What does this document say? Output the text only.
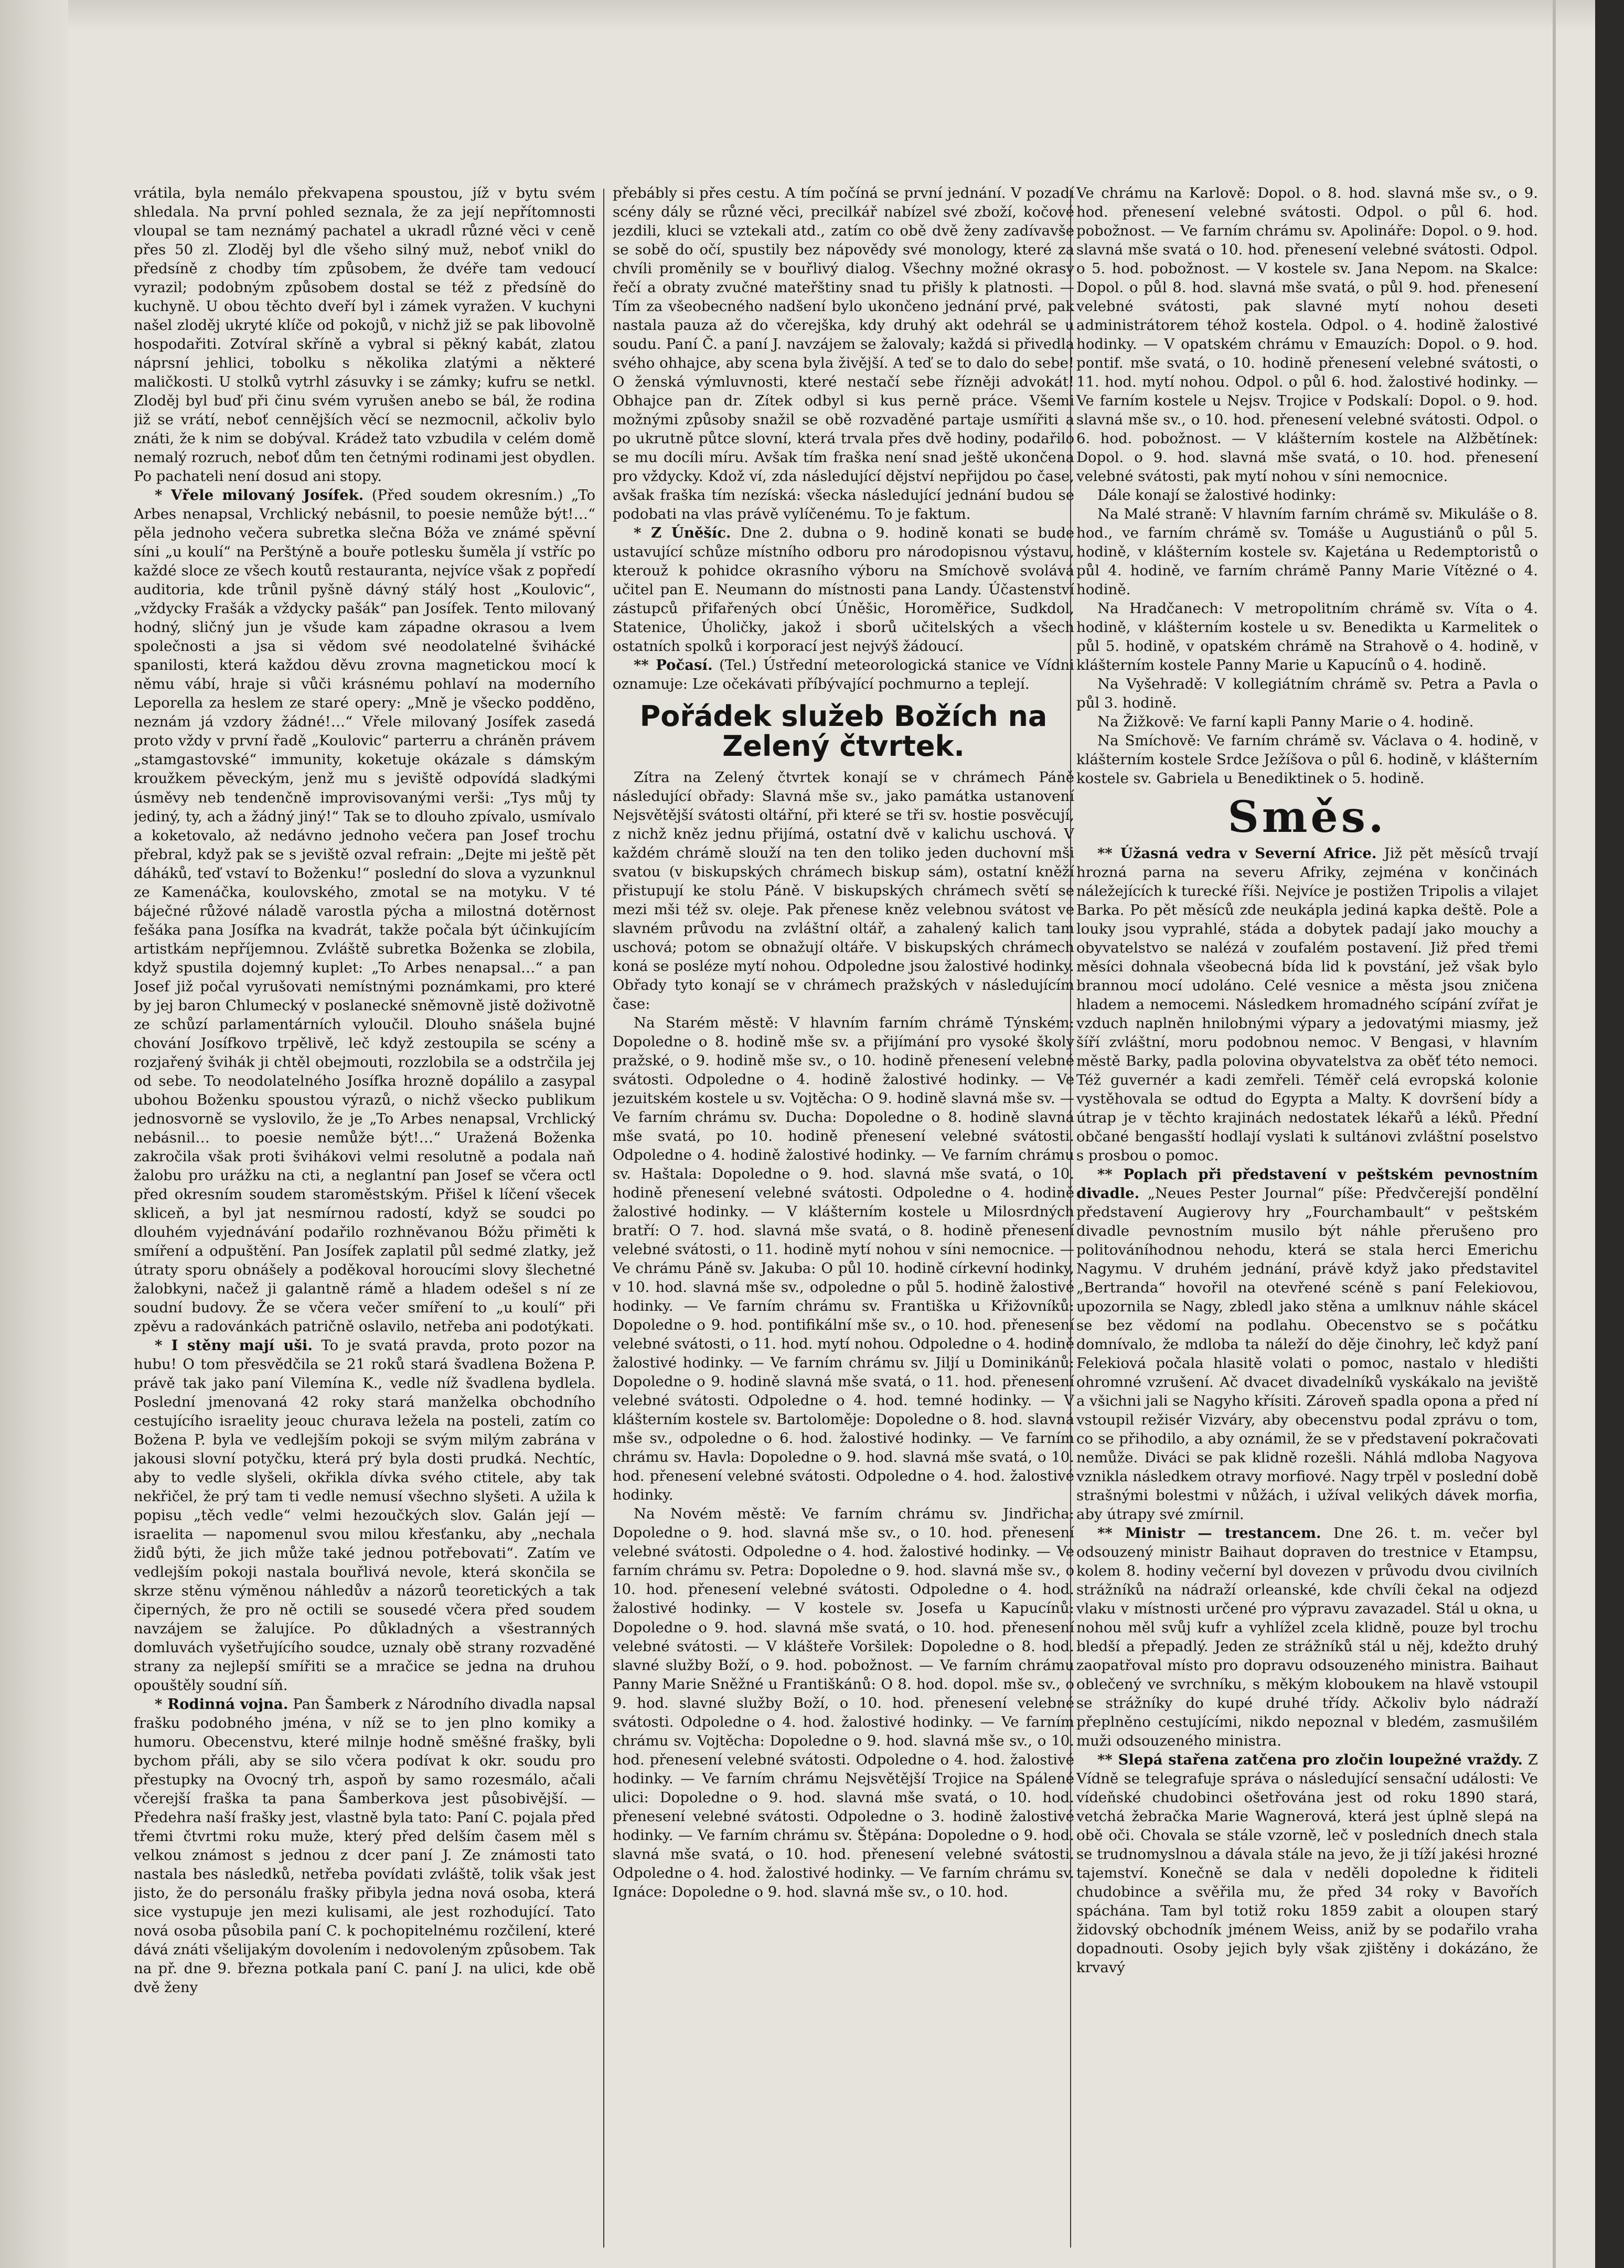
vrátila, byla nemálo překvapena spoustou, jíž v bytu svém shledala. Na první pohled seznala, že za její nepřítomnosti vloupal se tam neznámý pachatel a ukradl různé věci v ceně přes 50 zl. Zloděj byl dle všeho silný muž, neboť vnikl do předsíně z chodby tím způsobem, že dvéře tam vedoucí vyrazil; podobným způsobem dostal se též z předsíně do kuchyně. U obou těchto dveří byl i zámek vyražen. V kuchyni našel zloděj ukryté klíče od pokojů, v nichž již se pak libovolně hospodařiti. Zotvíral skříně a vybral si pěkný kabát, zlatou náprsní jehlici, tobolku s několika zlatými a některé maličkosti. U stolků vytrhl zásuvky i se zámky; kufru se netkl. Zloděj byl buď při činu svém vyrušen anebo se bál, že rodina již se vrátí, neboť cennějších věcí se nezmocnil, ačkoliv bylo znáti, že k nim se dobýval. Krádež tato vzbudila v celém domě nemalý rozruch, neboť dům ten četnými rodinami jest obydlen. Po pachateli není dosud ani stopy.

* Vřele milovaný Josífek. (Před soudem okresním.) „To Arbes nenapsal, Vrchlický nebásnil, to poesie nemůže být!…“ pěla jednoho večera subretka slečna Bóža ve známé spěvní síni „u koulí“ na Perštýně a bouře potlesku šuměla jí vstříc po každé sloce ze všech koutů restauranta, nejvíce však z popředí auditoria, kde trůnil pyšně dávný stálý host „Koulovic“, „vždycky Frašák a vždycky pašák“ pan Josífek. Tento milovaný hodný, sličný jun je všude kam západne okrasou a lvem společnosti a jsa si vědom své neodolatelné švihácké spanilosti, která každou děvu zrovna magnetickou mocí k němu vábí, hraje si vůči krásnému pohlaví na moderního Leporella za heslem ze staré opery: „Mně je všecko podděno, neznám já vzdory žádné!…“ Vřele milovaný Josífek zasedá proto vždy v první řadě „Koulovic“ parterru a chráněn právem „stamgastovské“ immunity, koketuje okázale s dámským kroužkem pěveckým, jenž mu s jeviště odpovídá sladkými úsměvy neb tendenčně improvisovanými verši: „Tys můj ty jediný, ty, ach a žádný jiný!“ Tak se to dlouho zpívalo, usmívalo a koketovalo, až nedávno jednoho večera pan Josef trochu přebral, když pak se s jeviště ozval refrain: „Dejte mi ještě pět dáháků, teď vstaví to Boženku!“ poslední do slova a vyzunknul ze Kamenáčka, koulovského, zmotal se na motyku. V té báječné růžové náladě varostla pýcha a milostná dotěrnost fešáka pana Josífka na kvadrát, takže počala být účinkujícím artistkám nepříjemnou. Zvláště subretka Boženka se zlobila, když spustila dojemný kuplet: „To Arbes nenapsal…“ a pan Josef již počal vyrušovati nemístnými poznámkami, pro které by jej baron Chlumecký v poslanecké sněmovně jistě doživotně ze schůzí parlamentárních vyloučil. Dlouho snášela bujné chování Josífkovo trpělivě, leč když zestoupila se scény a rozjařený švihák ji chtěl obejmouti, rozzlobila se a odstrčila jej od sebe. To neodolatelného Josífka hrozně dopálilo a zasypal ubohou Boženku spoustou výrazů, o nichž všecko publikum jednosvorně se vyslovilo, že je „To Arbes nenapsal, Vrchlický nebásnil… to poesie nemůže být!…“ Uražená Boženka zakročila však proti švihákovi velmi resolutně a podala naň žalobu pro urážku na cti, a neglantní pan Josef se včera octl před okresním soudem staroměstským. Přišel k líčení všecek skliceň, a byl jat nesmírnou radostí, když se soudci po dlouhém vyjednávání podařilo rozhněvanou Bóžu přiměti k smíření a odpuštění. Pan Josífek zaplatil půl sedmé zlatky, jež útraty sporu obnášely a poděkoval horoucími slovy šlechetné žalobkyni, načež ji galantně rámě a hladem odešel s ní ze soudní budovy. Že se včera večer smíření to „u koulí“ při zpěvu a radovánkách patričně oslavilo, netřeba ani podotýkati.

* I stěny mají uši. To je svatá pravda, proto pozor na hubu! O tom přesvědčila se 21 roků stará švadlena Božena P. právě tak jako paní Vilemína K., vedle níž švadlena bydlela. Poslední jmenovaná 42 roky stará manželka obchodního cestujícího israelity jeouc churava ležela na posteli, zatím co Božena P. byla ve vedlejším pokoji se svým milým zabrána v jakousi slovní potyčku, která prý byla dosti prudká. Nechtíc, aby to vedle slyšeli, okřikla dívka svého ctitele, aby tak nekřičel, že prý tam ti vedle nemusí všechno slyšeti. A užila k popisu „těch vedle“ velmi hezoučkých slov. Galán její — israelita — napomenul svou milou křesťanku, aby „nechala židů býti, že jich může také jednou potřebovati“. Zatím ve vedlejším pokoji nastala bouřlivá nevole, která skončila se skrze stěnu výměnou náhledův a názorů teoretických a tak čiperných, že pro ně octili se sousedé včera před soudem navzájem se žalujíce. Po důkladných a všestranných domluvách vyšetřujícího soudce, uznaly obě strany rozvaděné strany za nejlepší smířiti se a mračice se jedna na druhou opouštěly soudní síň.

* Rodinná vojna. Pan Šamberk z Národního divadla napsal frašku podobného jména, v níž se to jen plno komiky a humoru. Obecenstvu, které milnje hodně směšné frašky, byli bychom přáli, aby se silo včera podívat k okr. soudu pro přestupky na Ovocný trh, aspoň by samo rozesmálo, ačali včerejší fraška ta pana Šamberkova jest působivější. — Předehra naší frašky jest, vlastně byla tato: Paní C. pojala před třemi čtvrtmi roku muže, který před delším časem měl s velkou známost s jednou z dcer paní J. Ze známosti tato nastala bes následků, netřeba povídati zvláště, tolik však jest jisto, že do personálu frašky přibyla jedna nová osoba, která sice vystupuje jen mezi kulisami, ale jest rozhodující. Tato nová osoba působila paní C. k pochopitelnému rozčilení, které dává znáti všelijakým dovolením i nedovoleným způsobem. Tak na př. dne 9. března potkala paní C. paní J. na ulici, kde obě dvě ženy

přebábly si přes cestu. A tím počíná se první jednání. V pozadí scény dály se různé věci, precilkář nabízel své zboží, kočové jezdili, kluci se vztekali atd., zatím co obě dvě ženy zadívavše se sobě do očí, spustily bez nápovědy své monology, které za chvíli proměnily se v bouřlivý dialog. Všechny možné okrasy řečí a obraty zvučné mateřštiny snad tu přišly k platnosti. — Tím za všeobecného nadšení bylo ukončeno jednání prvé, pak nastala pauza až do včerejška, kdy druhý akt odehrál se u soudu. Paní Č. a paní J. navzájem se žalovaly; každá si přivedla svého ohhajce, aby scena byla živější. A teď se to dalo do sebe! O ženská výmluvnosti, které nestačí sebe řízněji advokát! Obhajce pan dr. Zítek odbyl si kus perně práce. Všemi možnými způsoby snažil se obě rozvaděné partaje usmířiti a po ukrutně půtce slovní, která trvala přes dvě hodiny, podařilo se mu docíli míru. Avšak tím fraška není snad ještě ukončena pro vždycky. Kdož ví, zda následující dějství nepřijdou po čase, avšak fraška tím nezíská: všecka následující jednání budou se podobati na vlas právě vylíčenému. To je faktum.

* Z Úněšíc. Dne 2. dubna o 9. hodině konati se bude ustavující schůze místního odboru pro národopisnou výstavu, kterouž k pohidce okrasního výboru na Smíchově svolává učitel pan E. Neumann do místnosti pana Landy. Účastenství zástupců přifařených obcí Úněšic, Horoměřice, Sudkdol, Statenice, Úholičky, jakož i sborů učitelských a všech ostatních spolků i korporací jest nejvýš žádoucí.

** Počasí. (Tel.) Ústřední meteorologická stanice ve Vídni oznamuje: Lze očekávati příbývající pochmurno a teplejí.

Pořádek služeb Božích na Zelený čtvrtek.

Zítra na Zelený čtvrtek konají se v chrámech Páně následující obřady: Slavná mše sv., jako památka ustanovení Nejsvětější svátosti oltářní, při které se tři sv. hostie posvěcují, z nichž kněz jednu přijímá, ostatní dvě v kalichu uschová. V každém chrámě slouží na ten den toliko jeden duchovní mši svatou (v biskupských chrámech biskup sám), ostatní kněží přistupují ke stolu Páně. V biskupských chrámech světí se mezi mši též sv. oleje. Pak přenese kněz velebnou svátost ve slavném průvodu na zvláštní oltář, a zahalený kalich tam uschová; potom se obnažují oltáře. V biskupských chrámech koná se posléze mytí nohou. Odpoledne jsou žalostivé hodinky. Obřady tyto konají se v chrámech pražských v následujícím čase:

Na Starém městě: V hlavním farním chrámě Týnském: Dopoledne o 8. hodině mše sv. a přijímání pro vysoké školy pražské, o 9. hodině mše sv., o 10. hodině přenesení velebné svátosti. Odpoledne o 4. hodině žalostivé hodinky. — Ve jezuitském kostele u sv. Vojtěcha: O 9. hodině slavná mše sv. — Ve farním chrámu sv. Ducha: Dopoledne o 8. hodině slavná mše svatá, po 10. hodině přenesení velebné svátosti. Odpoledne o 4. hodině žalostivé hodinky. — Ve farním chrámu sv. Haštala: Dopoledne o 9. hod. slavná mše svatá, o 10. hodině přenesení velebné svátosti. Odpoledne o 4. hodině žalostivé hodinky. — V klášterním kostele u Milosrdných bratří: O 7. hod. slavná mše svatá, o 8. hodině přenesení velebné svátosti, o 11. hodině mytí nohou v síni nemocnice. — Ve chrámu Páně sv. Jakuba: O půl 10. hodině církevní hodinky, v 10. hod. slavná mše sv., odpoledne o půl 5. hodině žalostivé hodinky. — Ve farním chrámu sv. Františka u Křižovníků: Dopoledne o 9. hod. pontifikální mše sv., o 10. hod. přenesení velebné svátosti, o 11. hod. mytí nohou. Odpoledne o 4. hodině žalostivé hodinky. — Ve farním chrámu sv. Jiljí u Dominikánů: Dopoledne o 9. hodině slavná mše svatá, o 11. hod. přenesení velebné svátosti. Odpoledne o 4. hod. temné hodinky. — V klášterním kostele sv. Bartoloměje: Dopoledne o 8. hod. slavná mše sv., odpoledne o 6. hod. žalostivé hodinky. — Ve farním chrámu sv. Havla: Dopoledne o 9. hod. slavná mše svatá, o 10. hod. přenesení velebné svátosti. Odpoledne o 4. hod. žalostivé hodinky.

Na Novém městě: Ve farním chrámu sv. Jindřicha: Dopoledne o 9. hod. slavná mše sv., o 10. hod. přenesení velebné svátosti. Odpoledne o 4. hod. žalostivé hodinky. — Ve farním chrámu sv. Petra: Dopoledne o 9. hod. slavná mše sv., o 10. hod. přenesení velebné svátosti. Odpoledne o 4. hod. žalostivé hodinky. — V kostele sv. Josefa u Kapucínů: Dopoledne o 9. hod. slavná mše svatá, o 10. hod. přenesení velebné svátosti. — V klášteře Voršilek: Dopoledne o 8. hod. slavné služby Boží, o 9. hod. pobožnost. — Ve farním chrámu Panny Marie Sněžné u Františkánů: O 8. hod. dopol. mše sv., o 9. hod. slavné služby Boží, o 10. hod. přenesení velebné svátosti. Odpoledne o 4. hod. žalostivé hodinky. — Ve farním chrámu sv. Vojtěcha: Dopoledne o 9. hod. slavná mše sv., o 10. hod. přenesení velebné svátosti. Odpoledne o 4. hod. žalostivé hodinky. — Ve farním chrámu Nejsvětější Trojice na Spálené ulici: Dopoledne o 9. hod. slavná mše svatá, o 10. hod. přenesení velebné svátosti. Odpoledne o 3. hodině žalostivé hodinky. — Ve farním chrámu sv. Štěpána: Dopoledne o 9. hod. slavná mše svatá, o 10. hod. přenesení velebné svátosti. Odpoledne o 4. hod. žalostivé hodinky. — Ve farním chrámu sv. Ignáce: Dopoledne o 9. hod. slavná mše sv., o 10. hod.

Ve chrámu na Karlově: Dopol. o 8. hod. slavná mše sv., o 9. hod. přenesení velebné svátosti. Odpol. o půl 6. hod. pobožnost. — Ve farním chrámu sv. Apolináře: Dopol. o 9. hod. slavná mše svatá o 10. hod. přenesení velebné svátosti. Odpol. o 5. hod. pobožnost. — V kostele sv. Jana Nepom. na Skalce: Dopol. o půl 8. hod. slavná mše svatá, o půl 9. hod. přenesení velebné svátosti, pak slavné mytí nohou deseti administrátorem téhož kostela. Odpol. o 4. hodině žalostivé hodinky. — V opatském chrámu v Emauzích: Dopol. o 9. hod. pontif. mše svatá, o 10. hodině přenesení velebné svátosti, o 11. hod. mytí nohou. Odpol. o půl 6. hod. žalostivé hodinky. — Ve farním kostele u Nejsv. Trojice v Podskalí: Dopol. o 9. hod. slavná mše sv., o 10. hod. přenesení velebné svátosti. Odpol. o 6. hod. pobožnost. — V klášterním kostele na Alžbětínek: Dopol. o 9. hod. slavná mše svatá, o 10. hod. přenesení velebné svátosti, pak mytí nohou v síni nemocnice.

Dále konají se žalostivé hodinky:

Na Malé straně: V hlavním farním chrámě sv. Mikuláše o 8. hod., ve farním chrámě sv. Tomáše u Augustiánů o půl 5. hodině, v klášterním kostele sv. Kajetána u Redemptoristů o půl 4. hodině, ve farním chrámě Panny Marie Vítězné o 4. hodině.

Na Hradčanech: V metropolitním chrámě sv. Víta o 4. hodině, v klášterním kostele u sv. Benedikta u Karmelitek o půl 5. hodině, v opatském chrámě na Strahově o 4. hodině, v klášterním kostele Panny Marie u Kapucínů o 4. hodině.

Na Vyšehradě: V kollegiátním chrámě sv. Petra a Pavla o půl 3. hodině.

Na Žižkově: Ve farní kapli Panny Marie o 4. hodině.

Na Smíchově: Ve farním chrámě sv. Václava o 4. hodině, v klášterním kostele Srdce Ježíšova o půl 6. hodině, v klášterním kostele sv. Gabriela u Benediktinek o 5. hodině.

Směs.

** Úžasná vedra v Severní Africe. Již pět měsíců trvají hrozná parna na severu Afriky, zejména v končinách náležejících k turecké říši. Nejvíce je postižen Tripolis a vilajet Barka. Po pět měsíců zde neukápla jediná kapka deště. Pole a louky jsou vyprahlé, stáda a dobytek padají jako mouchy a obyvatelstvo se nalézá v zoufalém postavení. Již před třemi měsíci dohnala všeobecná bída lid k povstání, jež však bylo brannou mocí udoláno. Celé vesnice a města jsou zničena hladem a nemocemi. Následkem hromadného scípání zvířat je vzduch naplněn hnilobnými výpary a jedovatými miasmy, jež šíří zvláštní, moru podobnou nemoc. V Bengasi, v hlavním městě Barky, padla polovina obyvatelstva za oběť této nemoci. Též guvernér a kadi zemřeli. Téměř celá evropská kolonie vystěhovala se odtud do Egypta a Malty. K dovršení bídy a útrap je v těchto krajinách nedostatek lékařů a léků. Přední občané bengasští hodlají vyslati k sultánovi zvláštní poselstvo s prosbou o pomoc.

** Poplach při představení v peštském pevnostním divadle. „Neues Pester Journal“ píše: Předvčerejší pondělní představení Augierovy hry „Fourchambault“ v peštském divadle pevnostním musilo být náhle přerušeno pro politováníhodnou nehodu, která se stala herci Emerichu Nagymu. V druhém jednání, právě když jako představitel „Bertranda“ hovořil na otevřené scéně s paní Felekiovou, upozornila se Nagy, zbledl jako stěna a umlknuv náhle skácel se bez vědomí na podlahu. Obecenstvo se s počátku domnívalo, že mdloba ta náleží do děje činohry, leč když paní Felekiová počala hlasitě volati o pomoc, nastalo v hledišti ohromné vzrušení. Ač dvacet divadelníků vyskákalo na jeviště a všichni jali se Nagyho křísiti. Zároveň spadla opona a před ní vstoupil režisér Vizváry, aby obecenstvu podal zprávu o tom, co se přihodilo, a aby oznámil, že se v představení pokračovati nemůže. Diváci se pak klidně rozešli. Náhlá mdloba Nagyova vznikla následkem otravy morfiové. Nagy trpěl v poslední době strašnými bolestmi v nůžách, i užíval velikých dávek morfia, aby útrapy své zmírnil.

** Ministr — trestancem. Dne 26. t. m. večer byl odsouzený ministr Baihaut dopraven do trestnice v Etampsu, kolem 8. hodiny večerní byl dovezen v průvodu dvou civilních strážníků na nádraží orleanské, kde chvíli čekal na odjezd vlaku v místnosti určené pro výpravu zavazadel. Stál u okna, u nohou měl svůj kufr a vyhlížel zcela klidně, pouze byl trochu bledší a přepadlý. Jeden ze strážníků stál u něj, kdežto druhý zaopatřoval místo pro dopravu odsouzeného ministra. Baihaut oblečený ve svrchníku, s měkým kloboukem na hlavě vstoupil se strážníky do kupé druhé třídy. Ačkoliv bylo nádraží přeplněno cestujícími, nikdo nepoznal v bledém, zasmušilém muži odsouzeného ministra.

** Slepá stařena zatčena pro zločin loupežné vraždy. Z Vídně se telegrafuje správa o následující sensační události: Ve vídeňské chudobinci ošetřována jest od roku 1890 stará, vetchá žebračka Marie Wagnerová, která jest úplně slepá na obě oči. Chovala se stále vzorně, leč v posledních dnech stala se trudnomyslnou a dávala stále na jevo, že ji tíží jakési hrozné tajemství. Konečně se dala v neděli dopoledne k řiditeli chudobince a svěřila mu, že před 34 roky v Bavořích spáchána. Tam byl totiž roku 1859 zabit a oloupen starý židovský obchodník jménem Weiss, aniž by se podařilo vraha dopadnouti. Osoby jejich byly však zjištěny i dokázáno, že krvavý
